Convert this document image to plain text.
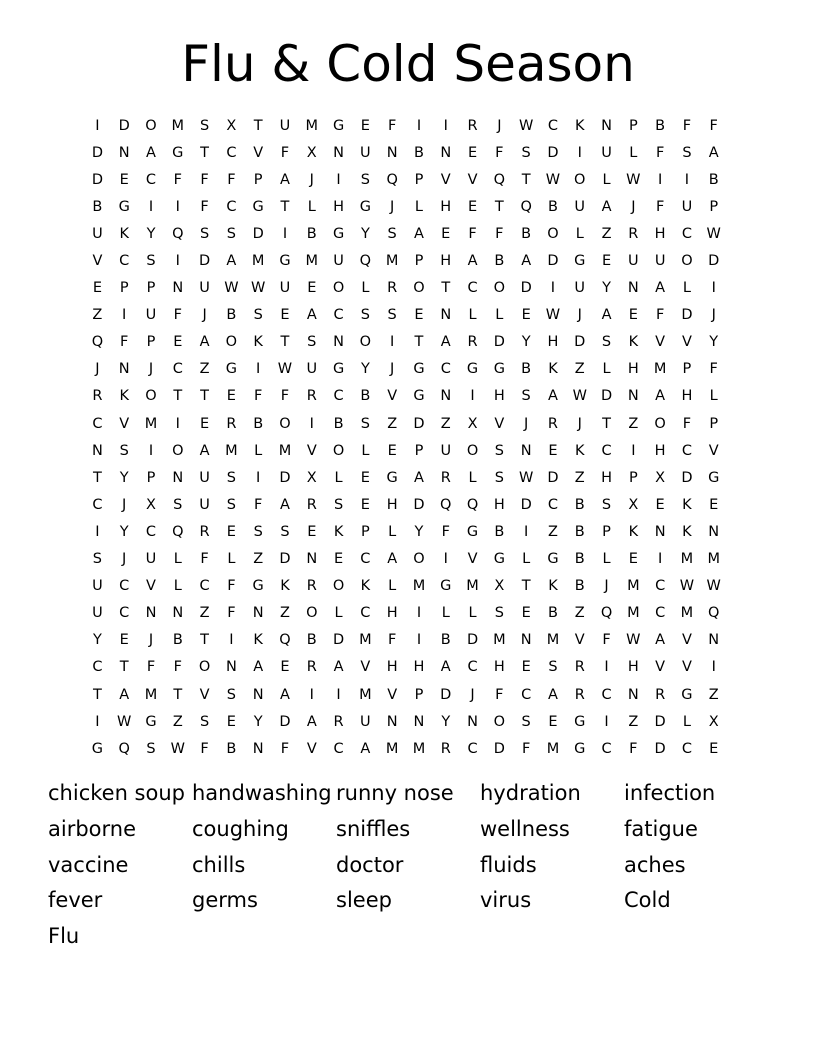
Flu & Cold Season
I	D	O	M	S	X	T	U	M	G	E	F	I	I	R	J	W	C	K	N	P	B	F	F
D	N	A	G	T	C	V	F	X	N	U	N	B	N	E	F	S	D	I	U	L	F	S	A
D	E	C	F	F	F	P	A	J	I	S	Q	P	V	V	Q	T	W O	L	W	I	I	B
B	G	I	I	F	C	G	T	L	H	G	J	L	H	E	T	Q	B	U	A	J	F	U	P
U	K	Y	Q	S	S	D	I	B	G	Y	S	A	E	F	F	B	O	L	Z	R	H	C	W
V	C	S	I	D	A	M	G	M	U	Q	M	P	H	A	B	A	D	G	E	U	U	O	D
E	P	P	N	U W W U	E	O	L	R	O	T	C	O	D	I	U	Y	N	A	L	I
Z	I	U	F	J	B	S	E	A	C	S	S	E	N	L	L	E	W	J	A	E	F	D	J
Q	F	P	E	A	O	K	T	S	N	O	I	T	A	R	D	Y	H	D	S	K	V	V	Y
J	N	J	C	Z	G	I	W U	G	Y	J	G	C	G	G	B	K	Z	L	H	M	P	F
R	K	O	T	T	E	F	F	R	C	B	V	G	N	I	H	S	A	W D	N	A	H	L
C	V	M	I	E	R	B	O	I	B	S	Z	D	Z	X	V	J	R	J	T	Z	O	F	P
N	S	I	O	A	M	L	M	V	O	L	E	P	U	O	S	N	E	K	C	I	H	C	V
T	Y	P	N	U	S	I	D	X	L	E	G	A	R	L	S	W D	Z	H	P	X	D	G
C	J	X	S	U	S	F	A	R	S	E	H	D	Q	Q	H	D	C	B	S	X	E	K	E
I	Y	C	Q	R	E	S	S	E	K	P	L	Y	F	G	B	I	Z	B	P	K	N	K	N
S	J	U	L	F	L	Z	D	N	E	C	A	O	I	V	G	L	G	B	L	E	I	M M
U	C	V	L	C	F	G	K	R	O	K	L	M	G	M	X	T	K	B	J	M	C	W W
U	C	N	N	Z	F	N	Z	O	L	C	H	I	L	L	S	E	B	Z	Q	M	C	M	Q
Y	E	J	B	T	I	K	Q	B	D	M	F	I	B	D	M	N	M	V	F	W	A	V	N
C	T	F	F	O	N	A	E	R	A	V	H	H	A	C	H	E	S	R	I	H	V	V	I
T	A	M	T	V	S	N	A	I	I	M	V	P	D	J	F	C	A	R	C	N	R	G	Z
I	W G	Z	S	E	Y	D	A	R	U	N	N	Y	N	O	S	E	G	I	Z	D	L	X
G	Q	S	W	F	B	N	F	V	C	A	M M	R	C	D	F	M	G	C	F	D	C	E
chicken soup handwashing runny nose	hydration	infection
airborne	coughing	sniffles	wellness	fatigue
vaccine	chills	doctor	fluids	aches
fever	germs	sleep	virus	Cold
Flu
